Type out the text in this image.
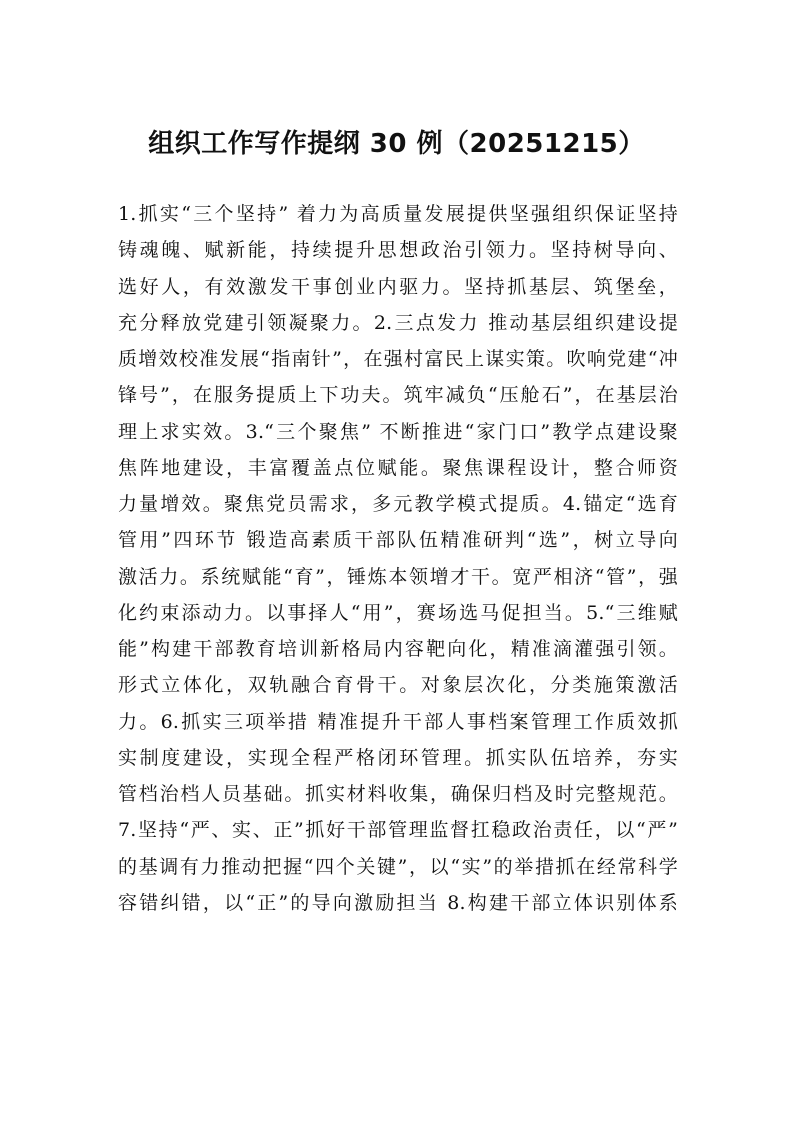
组织工作写作提纲 30 例（20251215）
1.抓实“三个坚持” 着力为高质量发展提供坚强组织保证坚持
铸魂魄、赋新能，持续提升思想政治引领力。坚持树导向、
选好人，有效激发干事创业内驱力。坚持抓基层、筑堡垒，
充分释放党建引领凝聚力。2.三点发力 推动基层组织建设提
质增效校准发展“指南针”，在强村富民上谋实策。吹响党建“冲
锋号”，在服务提质上下功夫。筑牢减负“压舱石”，在基层治
理上求实效。3.“三个聚焦” 不断推进“家门口”教学点建设聚
焦阵地建设，丰富覆盖点位赋能。聚焦课程设计，整合师资
力量增效。聚焦党员需求，多元教学模式提质。4.锚定“选育
管用”四环节 锻造高素质干部队伍精准研判“选”，树立导向
激活力。系统赋能“育”，锤炼本领增才干。宽严相济“管”，强
化约束添动力。以事择人“用”，赛场选马促担当。5.“三维赋
能”构建干部教育培训新格局内容靶向化，精准滴灌强引领。
形式立体化，双轨融合育骨干。对象层次化，分类施策激活
力。6.抓实三项举措 精准提升干部人事档案管理工作质效抓
实制度建设，实现全程严格闭环管理。抓实队伍培养，夯实
管档治档人员基础。抓实材料收集，确保归档及时完整规范。
7.坚持“严、实、正”抓好干部管理监督扛稳政治责任，以“严”
的基调有力推动把握“四个关键”，以“实”的举措抓在经常科学
容错纠错，以“正”的导向激励担当 8.构建干部立体识别体系
